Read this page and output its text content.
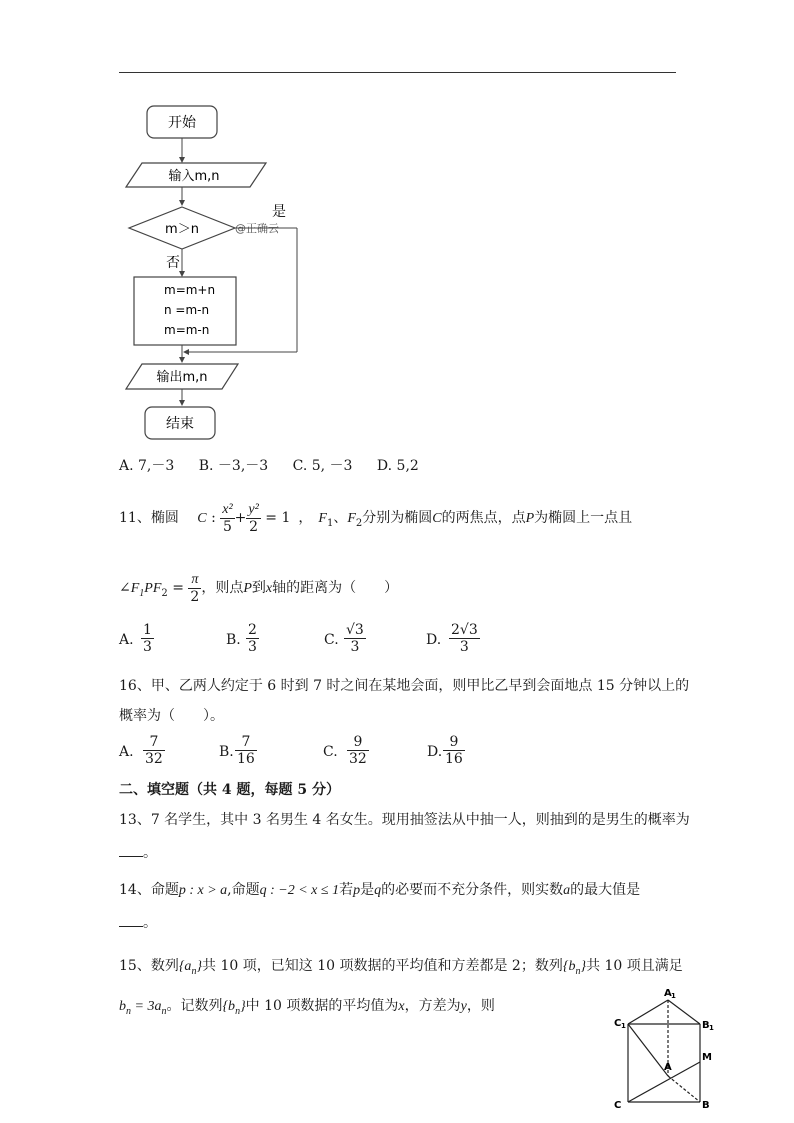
开始
输入m,n
m＞n
是
@正确云
否
m=m+n
n =m-n
m=m-n
输出m,n
结束
A. 7,－3 B. －3,－3 C. 5, －3 D. 5,2
11、椭圆 C : $\frac{\text{x²}}{5} + \frac{\text{y²}}{2} = 1$ ， $F_1$、$F_2$分别为椭圆C的两焦点，点P为椭圆上一点且
$\angle F_1PF_2 = \frac{\pi}{2}$ ，则点P到x轴的距离为（　　）
A. $\frac{1}{3}$	B. $\frac{2}{3}$	C. $\frac{√3}{3}$	D. $\frac{2√3}{3}$
16、甲、乙两人约定于 6 时到 7 时之间在某地会面，则甲比乙早到会面地点 15 分钟以上的
概率为（　　）。
A. $\frac{7}{32}$	B. $\frac{7}{16}$	C. $\frac{9}{32}$	D. $\frac{9}{16}$
二、填空题（共 4 题，每题 5 分）
13、7 名学生，其中 3 名男生 4 名女生。现用抽签法从中抽一人，则抽到的是男生的概率为
。
14、命题p : x > a,命题q : −2 < x ≤ 1若p是q的必要而不充分条件，则实数a的最大值是
。
15、数列$\{a_n\}$共 10 项，已知这 10 项数据的平均值和方差都是 2；数列$\{b_n\}$共 10 项且满足
$b_n = 3a_n$。记数列$\{b_n\}$中 10 项数据的平均值为x，方差为y，则
A 1
C 1	B 1
A
M
C	B
